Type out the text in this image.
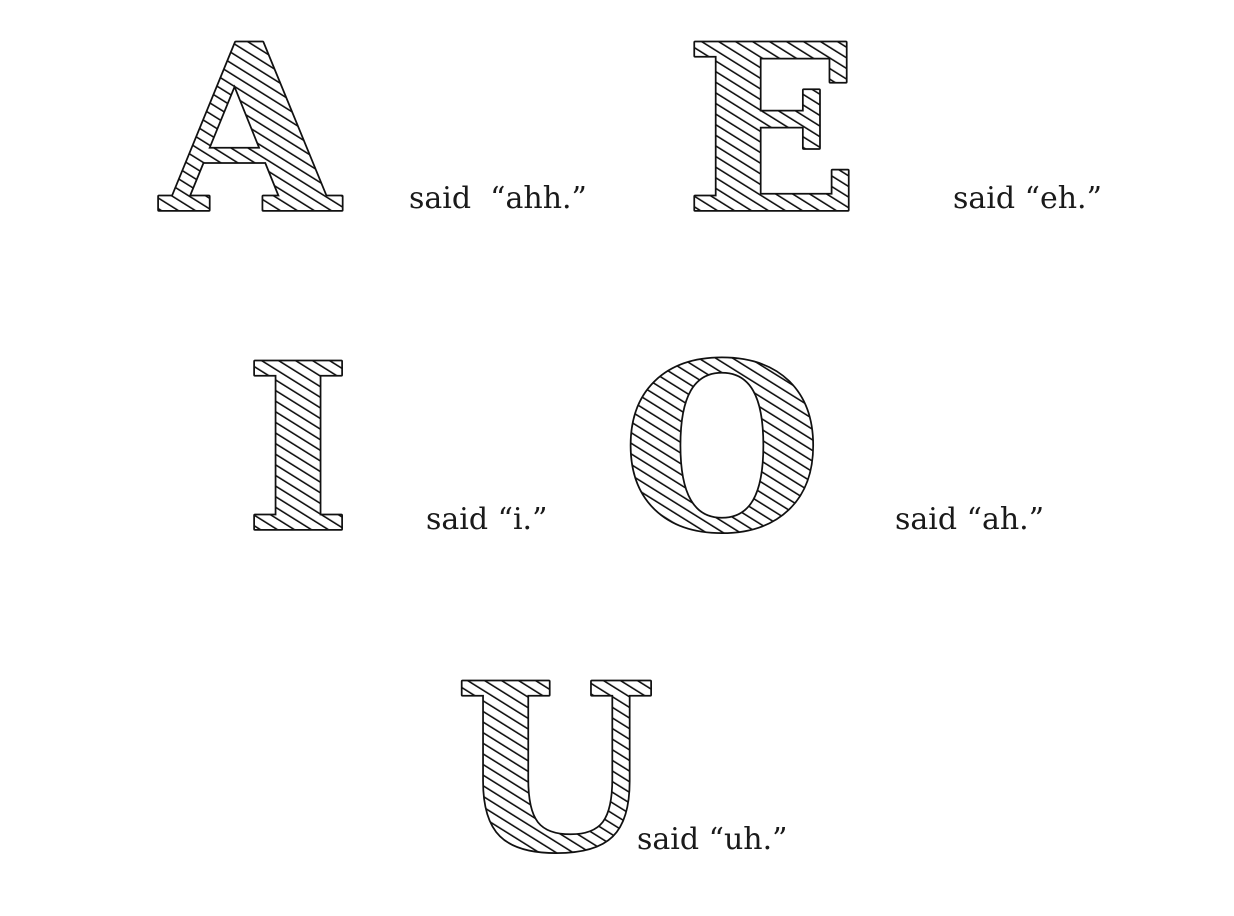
A said  “ahh.” E	said “eh.”
I said “i.” O said “ah.”
U
said “uh.”
